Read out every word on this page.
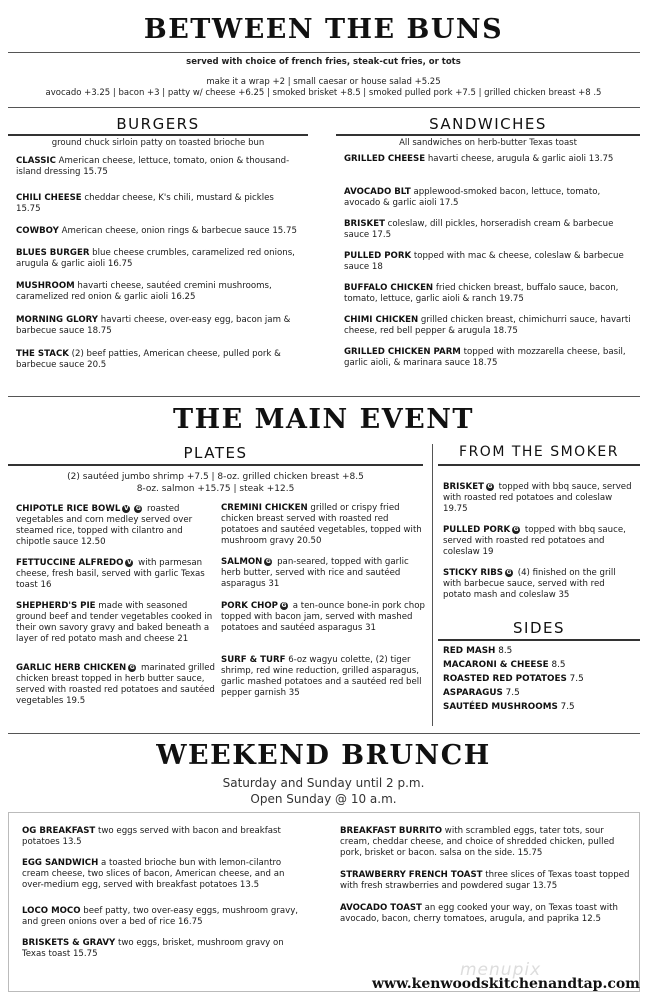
BETWEEN THE BUNS
served with choice of french fries, steak-cut fries, or tots
make it a wrap +2 | small caesar or house salad +5.25
avocado +3.25 | bacon +3 | patty w/ cheese +6.25 | smoked brisket +8.5 | smoked pulled pork +7.5 | grilled chicken breast +8 .5
BURGERS
ground chuck sirloin patty on toasted brioche bun
CLASSIC American cheese, lettuce, tomato, onion & thousand-island dressing 15.75
CHILI CHEESE cheddar cheese, K's chili, mustard & pickles 15.75
COWBOY American cheese, onion rings & barbecue sauce 15.75
BLUES BURGER blue cheese crumbles, caramelized red onions, arugula & garlic aioli 16.75
MUSHROOM havarti cheese, sautéed cremini mushrooms, caramelized red onion & garlic aioli 16.25
MORNING GLORY havarti cheese, over-easy egg, bacon jam & barbecue sauce 18.75
THE STACK (2) beef patties, American cheese, pulled pork & barbecue sauce 20.5
SANDWICHES
All sandwiches on herb-butter Texas toast
GRILLED CHEESE havarti cheese, arugula & garlic aioli 13.75
AVOCADO BLT applewood-smoked bacon, lettuce, tomato, avocado & garlic aioli 17.5
BRISKET coleslaw, dill pickles, horseradish cream & barbecue sauce 17.5
PULLED PORK topped with mac & cheese, coleslaw & barbecue sauce 18
BUFFALO CHICKEN fried chicken breast, buffalo sauce, bacon, tomato, lettuce, garlic aioli & ranch 19.75
CHIMI CHICKEN grilled chicken breast, chimichurri sauce, havarti cheese, red bell pepper & arugula 18.75
GRILLED CHICKEN PARM topped with mozzarella cheese, basil, garlic aioli, & marinara sauce 18.75
THE MAIN EVENT
PLATES
(2) sautéed jumbo shrimp +7.5 | 8-oz. grilled chicken breast +8.5
8-oz. salmon +15.75 | steak +12.5
CHIPOTLE RICE BOWL V G roasted vegetables and corn medley served over steamed rice, topped with cilantro and chipotle sauce 12.50
FETTUCCINE ALFREDO V with parmesan cheese, fresh basil, served with garlic Texas toast 16
SHEPHERD'S PIE made with seasoned ground beef and tender vegetables cooked in their own savory gravy and baked beneath a layer of red potato mash and cheese 21
GARLIC HERB CHICKEN G marinated grilled chicken breast topped in herb butter sauce, served with roasted red potatoes and sautéed vegetables 19.5
CREMINI CHICKEN grilled or crispy fried chicken breast served with roasted red potatoes and sautéed vegetables, topped with mushroom gravy 20.50
SALMON G pan-seared, topped with garlic herb butter, served with rice and sautéed asparagus 31
PORK CHOP G a ten-ounce bone-in pork chop topped with bacon jam, served with mashed potatoes and sautéed asparagus 31
SURF & TURF 6-oz wagyu colette, (2) tiger shrimp, red wine reduction, grilled asparagus, garlic mashed potatoes and a sautéed red bell pepper garnish 35
FROM THE SMOKER
BRISKET G topped with bbq sauce, served with roasted red potatoes and coleslaw 19.75
PULLED PORK G topped with bbq sauce, served with roasted red potatoes and coleslaw 19
STICKY RIBS G (4) finished on the grill with barbecue sauce, served with red potato mash and coleslaw 35
SIDES
RED MASH 8.5
MACARONI & CHEESE 8.5
ROASTED RED POTATOES 7.5
ASPARAGUS 7.5
SAUTÉED MUSHROOMS 7.5
WEEKEND BRUNCH
Saturday and Sunday until 2 p.m.
Open Sunday @ 10 a.m.
OG BREAKFAST two eggs served with bacon and breakfast potatoes 13.5
EGG SANDWICH a toasted brioche bun with lemon-cilantro cream cheese, two slices of bacon, American cheese, and an over-medium egg, served with breakfast potatoes 13.5
LOCO MOCO beef patty, two over-easy eggs, mushroom gravy, and green onions over a bed of rice 16.75
BRISKETS & GRAVY two eggs, brisket, mushroom gravy on Texas toast 15.75
BREAKFAST BURRITO with scrambled eggs, tater tots, sour cream, cheddar cheese, and choice of shredded chicken, pulled pork, brisket or bacon. salsa on the side. 15.75
STRAWBERRY FRENCH TOAST three slices of Texas toast topped with fresh strawberries and powdered sugar 13.75
AVOCADO TOAST an egg cooked your way, on Texas toast with avocado, bacon, cherry tomatoes, arugula, and paprika 12.5
menupix
www.kenwoodskitchenandtap.com
